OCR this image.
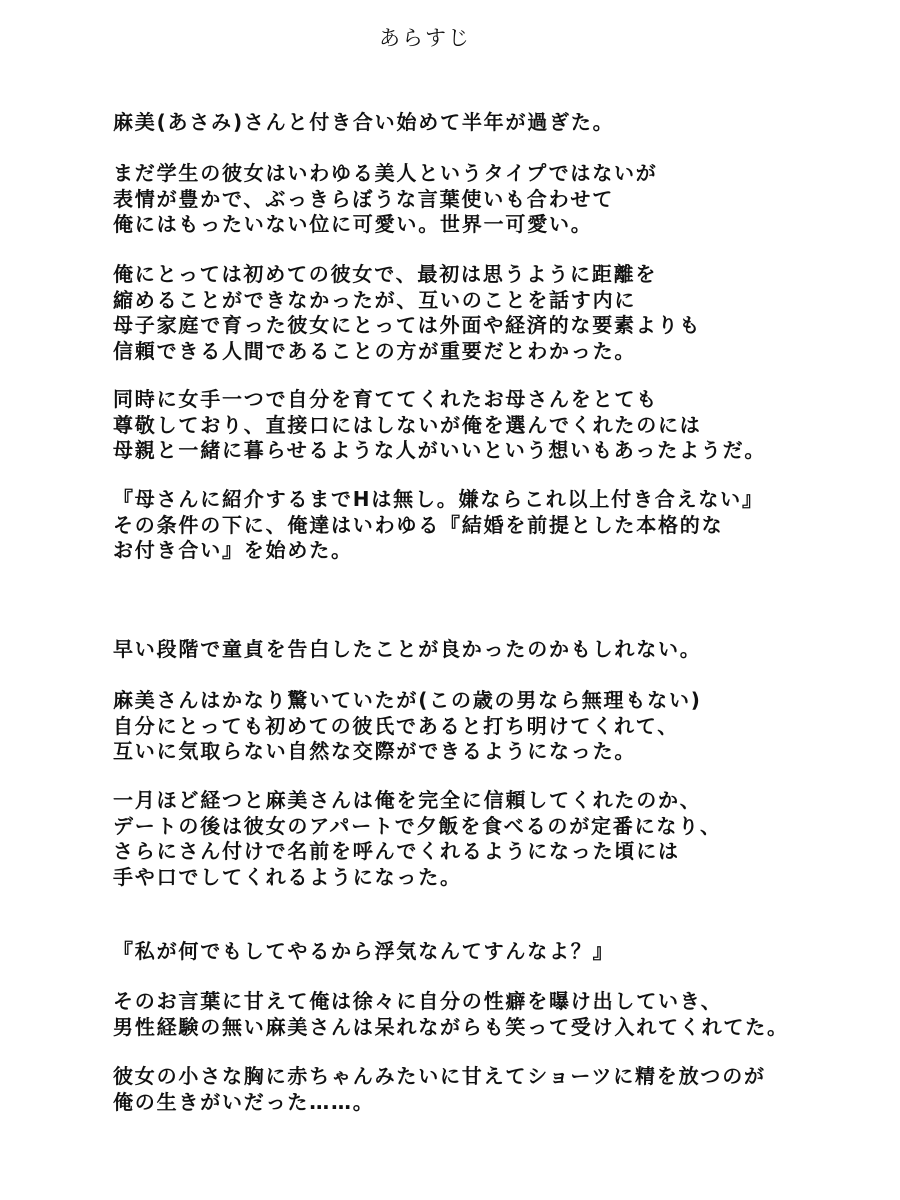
あらすじ

麻美(あさみ)さんと付き合い始めて半年が過ぎた。

まだ学生の彼女はいわゆる美人というタイプではないが
表情が豊かで、ぶっきらぼうな言葉使いも合わせて
俺にはもったいない位に可愛い。世界一可愛い。

俺にとっては初めての彼女で、最初は思うように距離を
縮めることができなかったが、互いのことを話す内に
母子家庭で育った彼女にとっては外面や経済的な要素よりも
信頼できる人間であることの方が重要だとわかった。

同時に女手一つで自分を育ててくれたお母さんをとても
尊敬しており、直接口にはしないが俺を選んでくれたのには
母親と一緒に暮らせるような人がいいという想いもあったようだ。

『母さんに紹介するまでHは無し。嫌ならこれ以上付き合えない』
その条件の下に、俺達はいわゆる『結婚を前提とした本格的な
お付き合い』を始めた。

早い段階で童貞を告白したことが良かったのかもしれない。

麻美さんはかなり驚いていたが(この歳の男なら無理もない)
自分にとっても初めての彼氏であると打ち明けてくれて、
互いに気取らない自然な交際ができるようになった。

一月ほど経つと麻美さんは俺を完全に信頼してくれたのか、
デートの後は彼女のアパートで夕飯を食べるのが定番になり、
さらにさん付けで名前を呼んでくれるようになった頃には
手や口でしてくれるようになった。

『私が何でもしてやるから浮気なんてすんなよ？』

そのお言葉に甘えて俺は徐々に自分の性癖を曝け出していき、
男性経験の無い麻美さんは呆れながらも笑って受け入れてくれてた。

彼女の小さな胸に赤ちゃんみたいに甘えてショーツに精を放つのが
俺の生きがいだった……。
